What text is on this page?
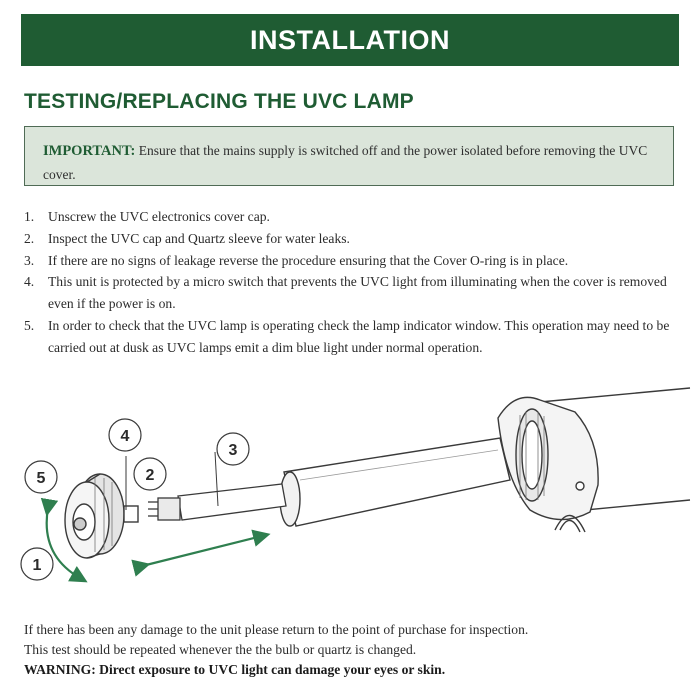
INSTALLATION
TESTING/REPLACING THE UVC LAMP
IMPORTANT: Ensure that the mains supply is switched off and the power isolated before removing the UVC cover.
1. Unscrew the UVC electronics cover cap.
2. Inspect the UVC cap and Quartz sleeve for water leaks.
3. If there are no signs of leakage reverse the procedure ensuring that the Cover O-ring is in place.
4. This unit is protected by a micro switch that prevents the UVC light from illuminating when the cover is removed even if the power is on.
5. In order to check that the UVC lamp is operating check the lamp indicator window. This operation may need to be carried out at dusk as UVC lamps emit a dim blue light under normal operation.
1
2
3
4
5
If there has been any damage to the unit please return to the point of purchase for inspection.
This test should be repeated whenever the the bulb or quartz is changed.
WARNING: Direct exposure to UVC light can damage your eyes or skin.
